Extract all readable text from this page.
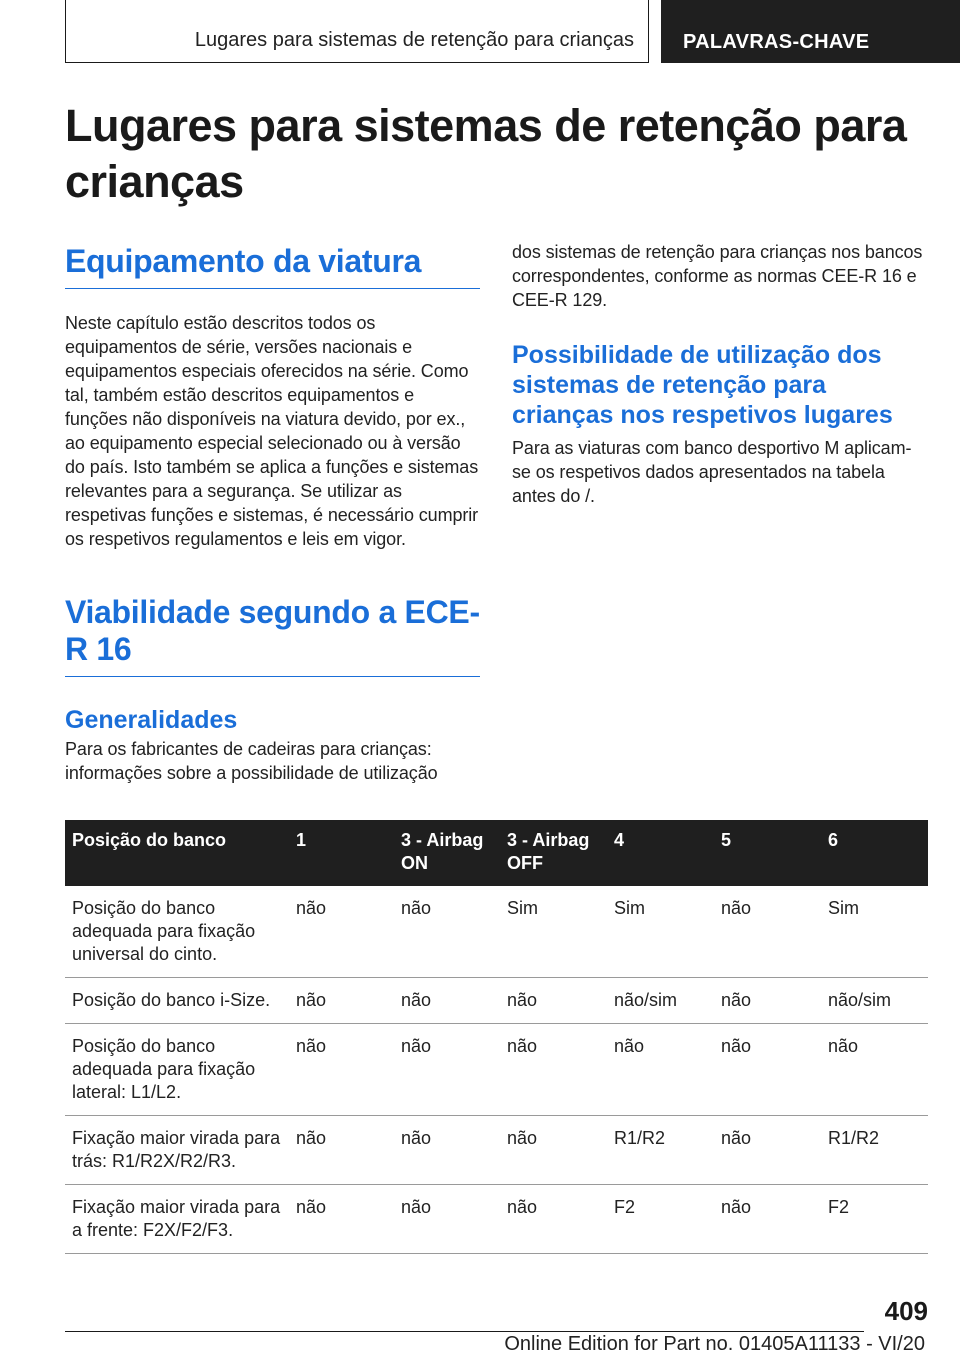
Lugares para sistemas de retenção para crianças PALAVRAS-CHAVE
Lugares para sistemas de retenção para crianças
Equipamento da viatura

Neste capítulo estão descritos todos os equipamentos de série, versões nacionais e equipamentos especiais oferecidos na série. Como tal, também estão descritos equipamentos e funções não disponíveis na viatura devido, por ex., ao equipamento especial selecionado ou à versão do país. Isto também se aplica a funções e sistemas relevantes para a segurança. Se utilizar as respetivas funções e sistemas, é necessário cumprir os respetivos regulamentos e leis em vigor.

Viabilidade segundo a ECE-R 16
Generalidades

Para os fabricantes de cadeiras para crianças: informações sobre a possibilidade de utilização

dos sistemas de retenção para crianças nos bancos correspondentes, conforme as normas CEE-R 16 e CEE-R 129.

Possibilidade de utilização dos sistemas de retenção para crianças nos respetivos lugares

Para as viaturas com banco desportivo M aplicam-se os respetivos dados apresentados na tabela antes do /.

Posição do banco	1	3 - Airbag ON	3 - Airbag OFF	4	5	6
Posição do banco adequada para fixação universal do cinto.	não	não	Sim	Sim	não	Sim
Posição do banco i-Size.	não	não	não	não/sim	não	não/sim
Posição do banco adequada para fixação lateral: L1/L2.	não	não	não	não	não	não
Fixação maior virada para trás: R1/R2X/R2/R3.	não	não	não	R1/R2	não	R1/R2
Fixação maior virada para a frente: F2X/F2/F3.	não	não	não	F2	não	F2
409
Online Edition for Part no. 01405A11133 - VI/20
